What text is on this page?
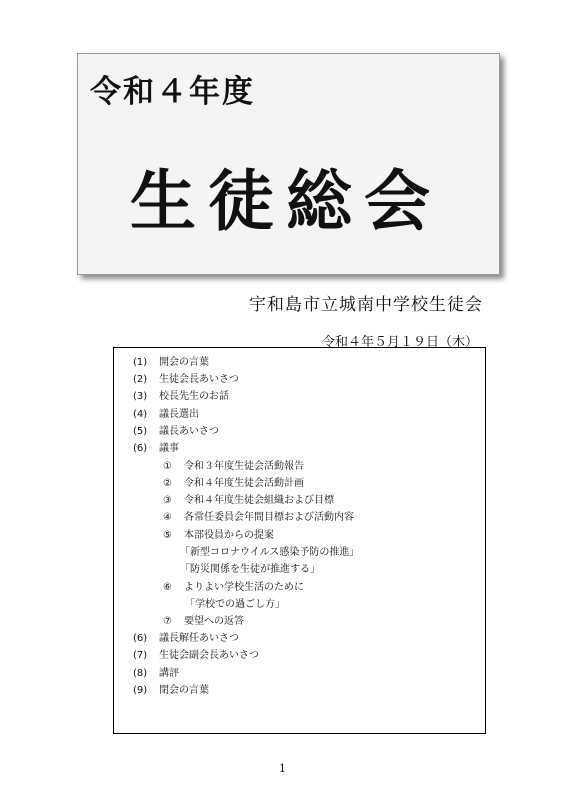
令和４年度
生徒総会
宇和島市立城南中学校生徒会
令和４年５月１９日（木）
(1) 開会の言葉
(2) 生徒会長あいさつ
(3) 校長先生のお話
(4) 議長選出
(5) 議長あいさつ
(6) 議事
① 令和３年度生徒会活動報告
② 令和４年度生徒会活動計画
③ 令和４年度生徒会組織および目標
④ 各常任委員会年間目標および活動内容
⑤ 本部役員からの提案
「新型コロナウイルス感染予防の推進」
「防災関係を生徒が推進する」
⑥ よりよい学校生活のために
「学校での過ごし方」
⑦ 要望への返答
(6) 議長解任あいさつ
(7) 生徒会副会長あいさつ
(8) 講評
(9) 閉会の言葉
1
